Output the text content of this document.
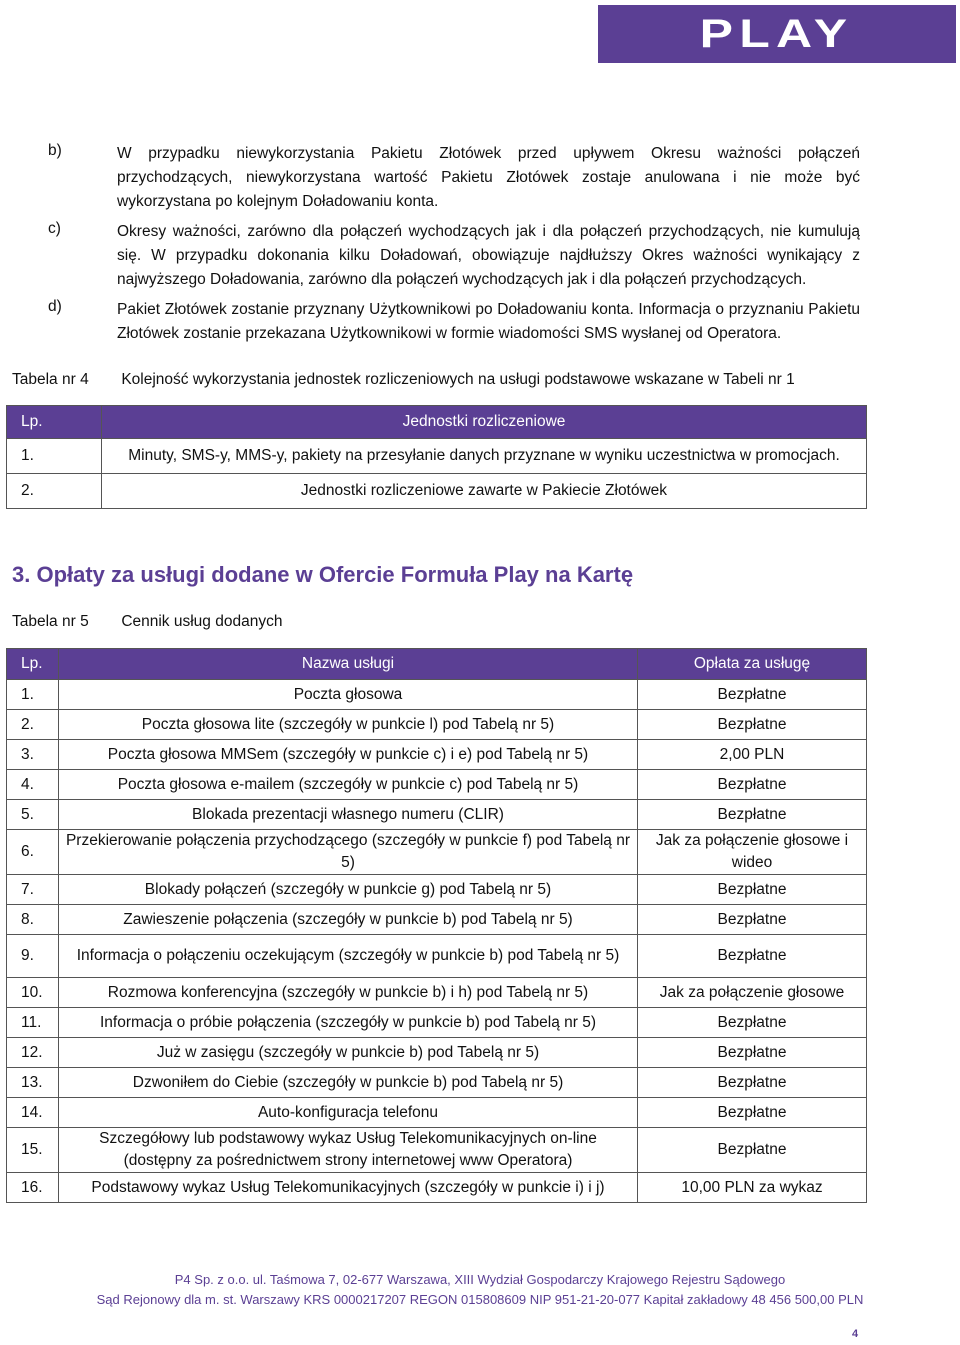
PLAY
b)	W przypadku niewykorzystania Pakietu Złotówek przed upływem Okresu ważności połączeń przychodzących, niewykorzystana wartość Pakietu Złotówek zostaje anulowana i nie może być wykorzystana po kolejnym Doładowaniu konta.
c)	Okresy ważności, zarówno dla połączeń wychodzących jak i dla połączeń przychodzących, nie kumulują się. W przypadku dokonania kilku Doładowań, obowiązuje najdłuższy Okres ważności wynikający z najwyższego Doładowania, zarówno dla połączeń wychodzących jak i dla połączeń przychodzących.
d)	Pakiet Złotówek zostanie przyznany Użytkownikowi po Doładowaniu konta. Informacja o przyznaniu Pakietu Złotówek zostanie przekazana Użytkownikowi w formie wiadomości SMS wysłanej od Operatora.
Tabela nr 4 Kolejność wykorzystania jednostek rozliczeniowych na usługi podstawowe wskazane w Tabeli nr 1
Lp.	Jednostki rozliczeniowe
1.	Minuty, SMS-y, MMS-y, pakiety na przesyłanie danych przyznane w wyniku uczestnictwa w promocjach.
2.	Jednostki rozliczeniowe zawarte w Pakiecie Złotówek
3. Opłaty za usługi dodane w Ofercie Formuła Play na Kartę
Tabela nr 5 Cennik usług dodanych
Lp.	Nazwa usługi	Opłata za usługę
1.	Poczta głosowa	Bezpłatne
2.	Poczta głosowa lite (szczegóły w punkcie l) pod Tabelą nr 5)	Bezpłatne
3.	Poczta głosowa MMSem (szczegóły w punkcie c) i e) pod Tabelą nr 5)	2,00 PLN
4.	Poczta głosowa e-mailem (szczegóły w punkcie c) pod Tabelą nr 5)	Bezpłatne
5.	Blokada prezentacji własnego numeru (CLIR)	Bezpłatne
6.	Przekierowanie połączenia przychodzącego (szczegóły w punkcie f) pod Tabelą nr 5)	Jak za połączenie głosowe i wideo
7.	Blokady połączeń (szczegóły w punkcie g) pod Tabelą nr 5)	Bezpłatne
8.	Zawieszenie połączenia (szczegóły w punkcie b) pod Tabelą nr 5)	Bezpłatne
9.	Informacja o połączeniu oczekującym (szczegóły w punkcie b) pod Tabelą nr 5)	Bezpłatne
10.	Rozmowa konferencyjna (szczegóły w punkcie b) i h) pod Tabelą nr 5)	Jak za połączenie głosowe
11.	Informacja o próbie połączenia (szczegóły w punkcie b) pod Tabelą nr 5)	Bezpłatne
12.	Już w zasięgu (szczegóły w punkcie b) pod Tabelą nr 5)	Bezpłatne
13.	Dzwoniłem do Ciebie (szczegóły w punkcie b) pod Tabelą nr 5)	Bezpłatne
14.	Auto-konfiguracja telefonu	Bezpłatne
15.	Szczegółowy lub podstawowy wykaz Usług Telekomunikacyjnych on-line (dostępny za pośrednictwem strony internetowej www Operatora)	Bezpłatne
16.	Podstawowy wykaz Usług Telekomunikacyjnych (szczegóły w punkcie i) i j)	10,00 PLN za wykaz
P4 Sp. z o.o. ul. Taśmowa 7, 02-677 Warszawa, XIII Wydział Gospodarczy Krajowego Rejestru Sądowego
Sąd Rejonowy dla m. st. Warszawy KRS 0000217207 REGON 015808609 NIP 951-21-20-077 Kapitał zakładowy 48 456 500,00 PLN
4
